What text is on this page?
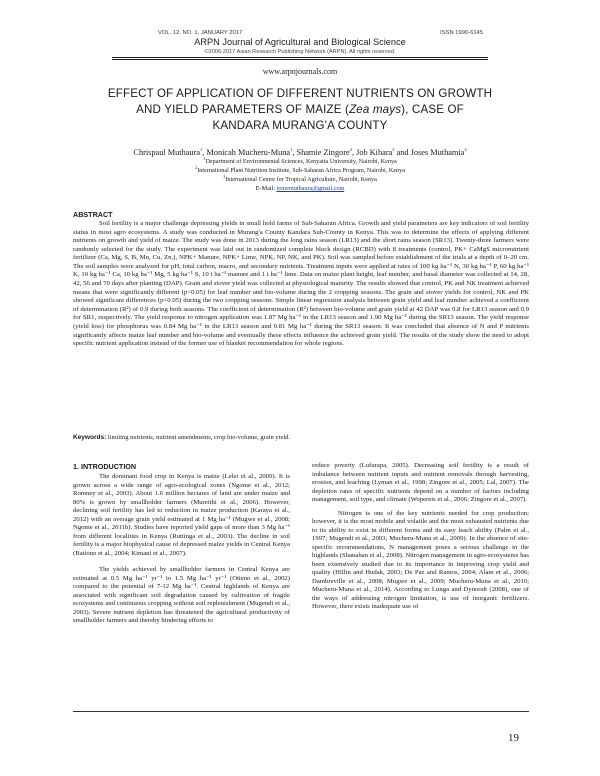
VOL. 12, NO. 1, JANUARY 2017	ISSN 1990-6145
ARPN Journal of Agricultural and Biological Science
©2006-2017 Asian Research Publishing Network (ARPN). All rights reserved.
www.arpnjournals.com
EFFECT OF APPLICATION OF DIFFERENT NUTRIENTS ON GROWTH
AND YIELD PARAMETERS OF MAIZE (Zea mays), CASE OF
KANDARA MURANG'A COUNTY
Chrispaul Muthaura$^1$, Monicah Mucheru-Muna$^1$, Shamie Zingore$^2$, Job Kihara$^3$ and Joses Muthamia$^2$
$^1$Department of Environmental Sciences, Kenyatta University, Nairobi, Kenya
$^2$International Plant Nutrition Institute, Sub-Saharan Africa Program, Nairobi, Kenya
$^3$International Centre for Tropical Agriculture, Nairobi, Kenya
E-Mail: irenemuthaura@gmail.com
ABSTRACT

Soil fertility is a major challenge depressing yields in small hold farms of Sub-Saharan Africa. Growth and yield parameters are key indicators of soil fertility status in most agro ecosystems. A study was conducted in Murang'a County Kandara Sub-County in Kenya. This was to determine the effects of applying different nutrients on growth and yield of maize. The study was done in 2013 during the long rains season (LR13) and the short rains season (SR13). Twenty-three farmers were randomly selected for the study. The experiment was laid out in randomized complete block design (RCBD) with 8 treatments (control, PK+ CaMgS micronutrient fertilizer (Ca, Mg, S, B, Mn, Cu, Zn,), NPK+ Manure, NPK+ Lime, NPK, NP, NK, and PK). Soil was sampled before establishment of the trials at a depth of 0–20 cm. The soil samples were analyzed for pH, total carbon, macro, and secondary nutrients. Treatment inputs were applied at rates of 100 kg ha⁻¹ N, 30 kg ha⁻¹ P, 60 kg ha⁻¹ K, 10 kg ha⁻¹ Ca, 10 kg ha⁻¹ Mg, 5 kg ha⁻¹ S, 10 t ha⁻¹ manure and 1 t ha⁻¹ lime. Data on maize plant height, leaf number, and basal diameter was collected at 14, 28, 42, 56 and 70 days after planting (DAP). Grain and stover yield was collected at physiological maturity. The results showed that control, PK and NK treatment achieved means that were significantly different (p<0.05) for leaf number and bio-volume during the 2 cropping seasons. The grain and stover yields for control, NK and PK showed significant differences (p<0.05) during the two cropping seasons. Simple linear regression analysis between grain yield and leaf number achieved a coefficient of determination (R²) of 0.9 during both seasons. The coefficient of determination (R²) between bio-volume and grain yield at 42 DAP was 0.8 for LR13 season and 0.9 for SR1, respectively. The yield response to nitrogen application was 1.87 Mg ha⁻¹ in the LR13 season and 1.90 Mg ha⁻¹ during the SR13 season. The yield response (yield loss) for phosphorus was 0.84 Mg ha⁻¹ in the LR13 season and 0.81 Mg ha⁻¹ during the SR13 season. It was concluded that absence of N and P nutrients significantly affects maize leaf number and bio-volume and eventually these effects influence the achieved grain yield. The results of the study show the need to adopt specific nutrient application instead of the former use of blanket recommendation for whole regions.

Keywords: limiting nutrients, nutrient amendments, crop bio-volume, grain yield.
1. INTRODUCTION

The dominant food crop in Kenya is maize (Lelei et al., 2009). It is grown across a wide range of agro-ecological zones (Ngome et al., 2012; Romney et al., 2003). About 1.6 million hectares of land are under maize and 80% is grown by smallholder farmers (Mureithi et al., 2006). However, declining soil fertility has led to reduction in maize production (Karaya et al., 2012) with an average grain yield estimated at 1 Mg ha⁻¹ (Mugwe et al., 2008; Ngome et al., 2011b). Studies have reported yield gaps of more than 3 Mg ha⁻¹ from different localities in Kenya (Ruttinga et al., 2003). The decline in soil fertility is a major biophysical cause of depressed maize yields in Central Kenya (Bationo et al., 2004; Kimani et al., 2007).

The yields achieved by smallholder farmers in Central Kenya are estimated at 0.5 Mg ha⁻¹ yr⁻¹ to 1.5 Mg ha⁻¹ yr⁻¹ (Otieno et al., 2002) compared to the potential of 7-12 Mg ha⁻¹. Central highlands of Kenya are associated with significant soil degradation caused by cultivation of fragile ecosystems and continuous cropping without soil replenishment (Mugendi et al., 2003). Severe nutrient depletion has threatened the agricultural productivity of smallholder farmers and thereby hindering efforts to

reduce poverty (Lufurapa, 2005). Decreasing soil fertility is a result of imbalance between nutrient inputs and nutrient removals through harvesting, erosion, and leaching (Lyman et al., 1998; Zingore et al., 2005; Lal, 2007). The depletion rates of specific nutrients depend on a number of factors including management, soil type, and climate (Wopereis et al., 2006; Zingore et al., 2007).

Nitrogen is one of the key nutrients needed for crop production; however, it is the most mobile and volatile and the most exhausted nutrients due to its ability to exist in different forms and its easy leach ability (Palm et al., 1997; Mugendi et al., 2003; Mucheru-Muna et al., 2009). In the absence of site-specific recommendations, N management poses a serious challenge in the highlands (Shanahan et al., 2008). Nitrogen management in agro-ecosystems has been extensively studied due to its importance in improving crop yield and quality (Hillin and Hudak, 2003; De Paz and Ramos, 2004; Alam et al., 2006; Dambreville et al., 2008; Mugwe et al., 2009; Mucheru-Muna et al., 2010; Mucheru-Muna et al., 2014). According to Lunga and Dynoodt (2008), one of the ways of addressing nitrogen limitation, is use of inorganic fertilizers. However, there exists inadequate use of

19
